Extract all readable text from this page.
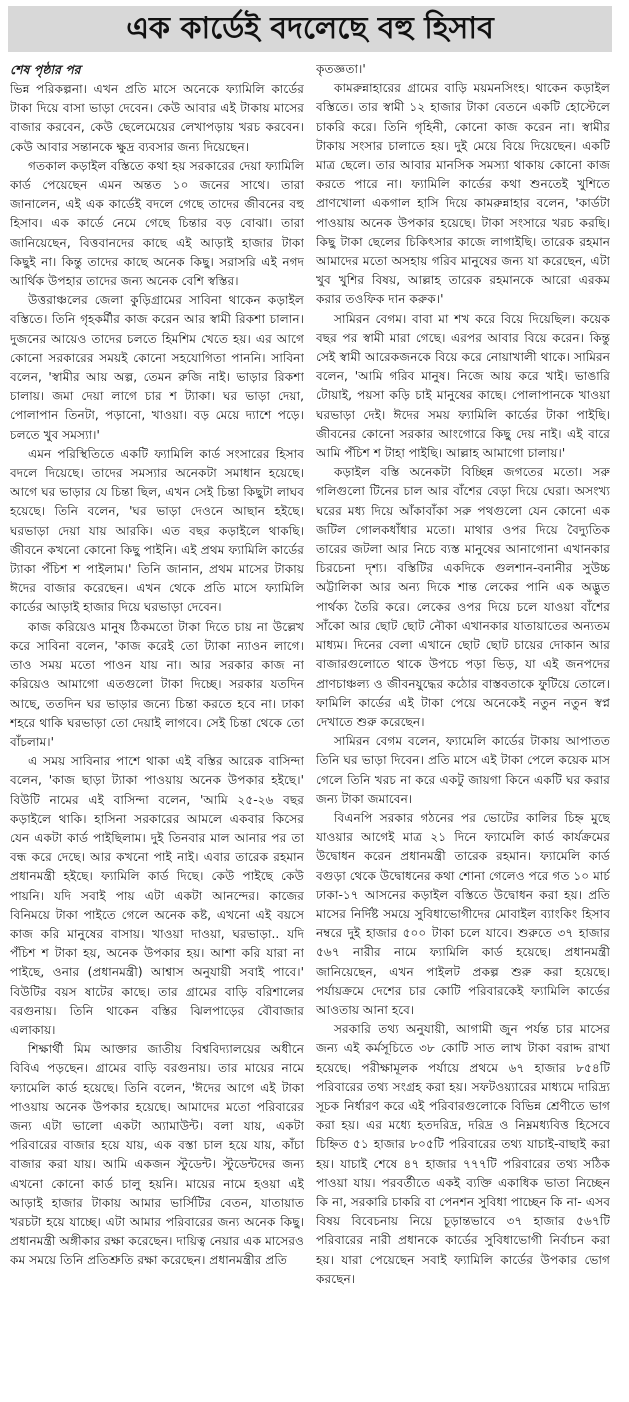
এক কার্ডেই বদলেছে বহু হিসাব
শেষ পৃষ্ঠার পর

ভিন্ন পরিকল্পনা। এখন প্রতি মাসে অনেকে ফ্যামিলি কার্ডের টাকা দিয়ে বাসা ভাড়া দেবেন। কেউ আবার এই টাকায় মাসের বাজার করবেন, কেউ ছেলেমেয়ের লেখাপড়ায় খরচ করবেন। কেউ আবার সন্তানকে ক্ষুদ্র ব্যবসার জন্য দিয়েছেন।

গতকাল কড়াইল বস্তিতে কথা হয় সরকারের দেয়া ফ্যামিলি কার্ড পেয়েছেন এমন অন্তত ১০ জনের সাথে। তারা জানালেন, এই এক কার্ডেই বদলে গেছে তাদের জীবনের বহু হিসাব। এক কার্ডে নেমে গেছে চিন্তার বড় বোঝা। তারা জানিয়েছেন, বিত্তবানদের কাছে এই আড়াই হাজার টাকা কিছুই না। কিন্তু তাদের কাছে অনেক কিছু। সরাসরি এই নগদ আর্থিক উপহার তাদের জন্য অনেক বেশি স্বস্তির।

উত্তরাঞ্চলের জেলা কুড়িগ্রামের সাবিনা থাকেন কড়াইল বস্তিতে। তিনি গৃহকর্মীর কাজ করেন আর স্বামী রিকশা চালান। দুজনের আয়েও তাদের চলতে হিমশিম খেতে হয়। এর আগে কোনো সরকারের সময়ই কোনো সহযোগিতা পাননি। সাবিনা বলেন, 'স্বামীর আয় অল্প, তেমন রুজি নাই। ভাড়ার রিকশা চালায়। জমা দেয়া লাগে চার শ ট্যাকা। ঘর ভাড়া দেয়া, পোলাপান তিনটা, পড়ানো, খাওয়া। বড় মেয়ে দ্যাশে পড়ে। চলতে খুব সমস্যা।'

এমন পরিস্থিতিতে একটি ফ্যামিলি কার্ড সংসারের হিসাব বদলে দিয়েছে। তাদের সমস্যার অনেকটা সমাধান হয়েছে। আগে ঘর ভাড়ার যে চিন্তা ছিল, এখন সেই চিন্তা কিছুটা লাঘব হয়েছে। তিনি বলেন, 'ঘর ভাড়া দেওনে আছান হইছে। ঘরভাড়া দেয়া যায় আরকি। এত বছর কড়াইলে থাকছি। জীবনে কখনো কোনো কিছু পাইনি। এই প্রথম ফ্যামিলি কার্ডের ট্যাকা পঁচিশ শ পাইলাম।' তিনি জানান, প্রথম মাসের টাকায় ঈদের বাজার করেছেন। এখন থেকে প্রতি মাসে ফ্যামিলি কার্ডের আড়াই হাজার দিয়ে ঘরভাড়া দেবেন।

কাজ করিয়েও মানুষ ঠিকমতো টাকা দিতে চায় না উল্লেখ করে সাবিনা বলেন, 'কাজ করেই তো ট্যাকা ন্যাওন লাগে। তাও সময় মতো পাওন যায় না। আর সরকার কাজ না করিয়েও আমাগো এতগুলো টাকা দিচ্ছে। সরকার যতদিন আছে, ততদিন ঘর ভাড়ার জন্যে চিন্তা করতে হবে না। ঢাকা শহরে থাকি ঘরভাড়া তো দেয়াই লাগবে। সেই চিন্তা থেকে তো বাঁচলাম।'

এ সময় সাবিনার পাশে থাকা এই বস্তির আরেক বাসিন্দা বলেন, 'কাজ ছাড়া ট্যাকা পাওয়ায় অনেক উপকার হইছে।' বিউটি নামের এই বাসিন্দা বলেন, 'আমি ২৫-২৬ বছর কড়াইলে থাকি। হাসিনা সরকারের আমলে একবার কিসের যেন একটা কার্ড পাইছিলাম। দুই তিনবার মাল আনার পর তা বন্ধ করে দেছে। আর কখনো পাই নাই। এবার তারেক রহমান প্রধানমন্ত্রী হইছে। ফ্যামিলি কার্ড দিছে। কেউ পাইছে কেউ পায়নি। যদি সবাই পায় এটা একটা আনন্দের। কাজের বিনিময়ে টাকা পাইতে গেলে অনেক কষ্ট, এখনো এই বয়সে কাজ করি মানুষের বাসায়। খাওয়া দাওয়া, ঘরভাড়া.. যদি পঁচিশ শ টাকা হয়, অনেক উপকার হয়। আশা করি যারা না পাইছে, ওনার (প্রধানমন্ত্রী) আশ্বাস অনুযায়ী সবাই পাবে।' বিউটির বয়স ষাটের কাছে। তার গ্রামের বাড়ি বরিশালের বরগুনায়। তিনি থাকেন বস্তির ঝিলপাড়ের বৌবাজার এলাকায়।

শিক্ষার্থী মিম আক্তার জাতীয় বিশ্ববিদ্যালয়ের অধীনে বিবিএ পড়ছেন। গ্রামের বাড়ি বরগুনায়। তার মায়ের নামে ফ্যামেলি কার্ড হয়েছে। তিনি বলেন, 'ঈদের আগে এই টাকা পাওয়ায় অনেক উপকার হয়েছে। আমাদের মতো পরিবারের জন্য এটা ভালো একটা অ্যামাউন্ট। বলা যায়, একটা পরিবারের বাজার হয়ে যায়, এক বস্তা চাল হয়ে যায়, কাঁচা বাজার করা যায়। আমি একজন স্টুডেন্ট। স্টুডেন্টদের জন্য এখনো কোনো কার্ড চালু হয়নি। মায়ের নামে হওয়া এই আড়াই হাজার টাকায় আমার ভার্সিটির বেতন, যাতায়াত খরচটা হয়ে যাচ্ছে। এটা আমার পরিবারের জন্য অনেক কিছু। প্রধানমন্ত্রী অঙ্গীকার রক্ষা করেছেন। দায়িত্ব নেয়ার এক মাসেরও কম সময়ে তিনি প্রতিশ্রুতি রক্ষা করেছেন। প্রধানমন্ত্রীর প্রতি

কৃতজ্ঞতা।'

কামরুন্নাহারের গ্রামের বাড়ি ময়মনসিংহ। থাকেন কড়াইল বস্তিতে। তার স্বামী ১২ হাজার টাকা বেতনে একটি হোস্টেলে চাকরি করে। তিনি গৃহিনী, কোনো কাজ করেন না। স্বামীর টাকায় সংসার চালাতে হয়। দুই মেয়ে বিয়ে দিয়েছেন। একটি মাত্র ছেলে। তার আবার মানসিক সমস্যা থাকায় কোনো কাজ করতে পারে না। ফ্যামিলি কার্ডের কথা শুনতেই খুশিতে প্রাণখোলা একগাল হাসি দিয়ে কামরুন্নাহার বলেন, 'কার্ডটা পাওয়ায় অনেক উপকার হয়েছে। টাকা সংসারে খরচ করছি। কিছু টাকা ছেলের চিকিৎসার কাজে লাগাইছি। তারেক রহমান আমাদের মতো অসহায় গরিব মানুষের জন্য যা করেছেন, এটা খুব খুশির বিষয়, আল্লাহ তারেক রহমানকে আরো এরকম করার তওফিক দান করুক।'

সামিরন বেগম। বাবা মা শখ করে বিয়ে দিয়েছিল। কয়েক বছর পর স্বামী মারা গেছে। এরপর আবার বিয়ে করেন। কিন্তু সেই স্বামী আরেকজনকে বিয়ে করে নোয়াখালী থাকে। সামিরন বলেন, 'আমি গরিব মানুষ। নিজে আয় করে খাই। ভাঙারি টোয়াই, পয়সা কড়ি চাই মানুষের কাছে। পোলাপানকে খাওয়া ঘরভাড়া দেই। ঈদের সময় ফ্যামিলি কার্ডের টাকা পাইছি। জীবনের কোনো সরকার আংগোরে কিছু দেয় নাই। এই বারে আমি পঁচিশ শ টাহা পাইছি। আল্লাহ আমাগো চালায়।'

কড়াইল বস্তি অনেকটা বিচ্ছিন্ন জগতের মতো। সরু গলিগুলো টিনের চাল আর বাঁশের বেড়া দিয়ে ঘেরা। অসংখ্য ঘরের মধ্য দিয়ে আঁকাবাঁকা সরু পথগুলো যেন কোনো এক জটিল গোলকধাঁধার মতো। মাথার ওপর দিয়ে বৈদ্যুতিক তারের জটলা আর নিচে ব্যস্ত মানুষের আনাগোনা এখানকার চিরচেনা দৃশ্য। বস্তিটির একদিকে গুলশান-বনানীর সুউচ্চ অট্টালিকা আর অন্য দিকে শান্ত লেকের পানি এক অদ্ভুত পার্থক্য তৈরি করে। লেকের ওপর দিয়ে চলে যাওয়া বাঁশের সাঁকো আর ছোট ছোট নৌকা এখানকার যাতায়াতের অন্যতম মাধ্যম। দিনের বেলা এখানে ছোট ছোট চায়ের দোকান আর বাজারগুলোতে থাকে উপচে পড়া ভিড়, যা এই জনপদের প্রাণচাঞ্চল্য ও জীবনযুদ্ধের কঠোর বাস্তবতাকে ফুটিয়ে তোলে। ফামিলি কার্ডের এই টাকা পেয়ে অনেকেই নতুন নতুন স্বপ্ন দেখাতে শুরু করেছেন।

সামিরন বেগম বলেন, ফ্যামেলি কার্ডের টাকায় আপাতত তিনি ঘর ভাড়া দিবেন। প্রতি মাসে এই টাকা পেলে কয়েক মাস গেলে তিনি খরচ না করে একটু জায়গা কিনে একটি ঘর করার জন্য টাকা জমাবেন।

বিএনপি সরকার গঠনের পর ভোটের কালির চিহ্ন মুছে যাওয়ার আগেই মাত্র ২১ দিনে ফ্যামেলি কার্ড কার্যক্রমের উদ্বোধন করেন প্রধানমন্ত্রী তারেক রহমান। ফ্যামেলি কার্ড বগুড়া থেকে উদ্বোধনের কথা শোনা গেলেও পরে গত ১০ মার্চ ঢাকা-১৭ আসনের কড়াইল বস্তিতে উদ্বোধন করা হয়। প্রতি মাসের নির্দিষ্ট সময়ে সুবিধাভোগীদের মোবাইল ব্যাংকিং হিসাব নম্বরে দুই হাজার ৫০০ টাকা চলে যাবে। শুরুতে ৩৭ হাজার ৫৬৭ নারীর নামে ফ্যামিলি কার্ড হয়েছে। প্রধানমন্ত্রী জানিয়েছেন, এখন পাইলট প্রকল্প শুরু করা হয়েছে। পর্যায়ক্রমে দেশের চার কোটি পরিবারকেই ফ্যামিলি কার্ডের আওতায় আনা হবে।

সরকারি তথ্য অনুযায়ী, আগামী জুন পর্যন্ত চার মাসের জন্য এই কর্মসূচিতে ৩৮ কোটি সাত লাখ টাকা বরাদ্দ রাখা হয়েছে। পরীক্ষামূলক পর্যায়ে প্রথমে ৬৭ হাজার ৮৫৪টি পরিবারের তথ্য সংগ্রহ করা হয়। সফটওয়্যারের মাধ্যমে দারিদ্র্য সূচক নির্ধারণ করে এই পরিবারগুলোকে বিভিন্ন শ্রেণীতে ভাগ করা হয়। এর মধ্যে হতদরিদ্র, দরিদ্র ও নিম্নমধ্যবিত্ত হিসেবে চিহ্নিত ৫১ হাজার ৮০৫টি পরিবারের তথ্য যাচাই-বাছাই করা হয়। যাচাই শেষে ৪৭ হাজার ৭৭৭টি পরিবারের তথ্য সঠিক পাওয়া যায়। পরবর্তীতে একই ব্যক্তি একাধিক ভাতা নিচ্ছেন কি না, সরকারি চাকরি বা পেনশন সুবিধা পাচ্ছেন কি না- এসব বিষয় বিবেচনায় নিয়ে চূড়ান্তভাবে ৩৭ হাজার ৫৬৭টি পরিবারের নারী প্রধানকে কার্ডের সুবিধাভোগী নির্বাচন করা হয়। যারা পেয়েছেন সবাই ফ্যামিলি কার্ডের উপকার ভোগ করছেন।
